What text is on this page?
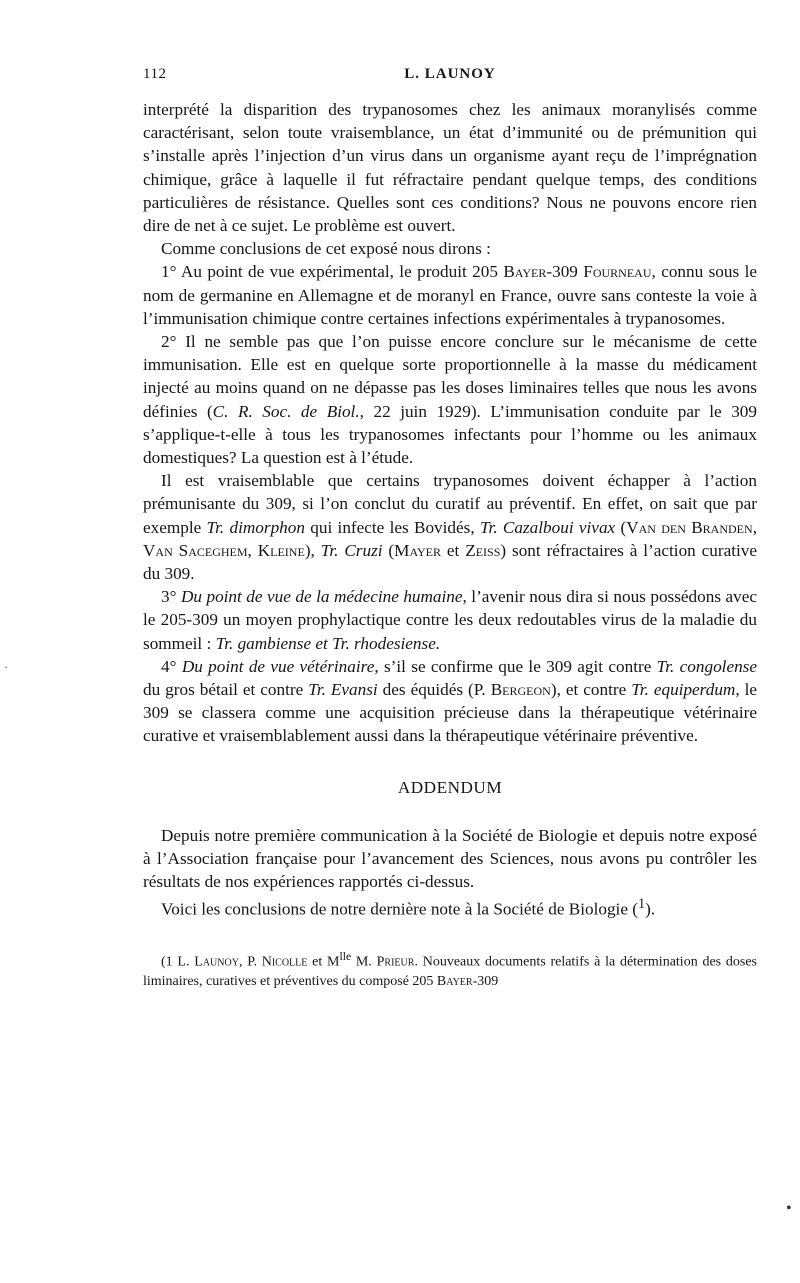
112	L. LAUNOY

interprété la disparition des trypanosomes chez les animaux moranylisés comme caractérisant, selon toute vraisemblance, un état d’immunité ou de prémunition qui s’installe après l’injection d’un virus dans un organisme ayant reçu de l’imprégnation chimique, grâce à laquelle il fut réfractaire pendant quelque temps, des conditions particulières de résistance. Quelles sont ces conditions? Nous ne pouvons encore rien dire de net à ce sujet. Le problème est ouvert.

Comme conclusions de cet exposé nous dirons :

1° Au point de vue expérimental, le produit 205 Bayer-309 Fourneau, connu sous le nom de germanine en Allemagne et de moranyl en France, ouvre sans conteste la voie à l’immunisation chimique contre certaines infections expérimentales à trypanosomes.

2° Il ne semble pas que l’on puisse encore conclure sur le mécanisme de cette immunisation. Elle est en quelque sorte proportionnelle à la masse du médicament injecté au moins quand on ne dépasse pas les doses liminaires telles que nous les avons définies (C. R. Soc. de Biol., 22 juin 1929). L’immunisation conduite par le 309 s’applique-t-elle à tous les trypanosomes infectants pour l’homme ou les animaux domestiques? La question est à l’étude.

Il est vraisemblable que certains trypanosomes doivent échapper à l’action prémunisante du 309, si l’on conclut du curatif au préventif. En effet, on sait que par exemple Tr. dimorphon qui infecte les Bovidés, Tr. Cazalboui vivax (Van den Branden, Van Saceghem, Kleine), Tr. Cruzi (Mayer et Zeiss) sont réfractaires à l’action curative du 309.

3° Du point de vue de la médecine humaine, l’avenir nous dira si nous possédons avec le 205-309 un moyen prophylactique contre les deux redoutables virus de la maladie du sommeil : Tr. gambiense et Tr. rhodesiense.

4° Du point de vue vétérinaire, s’il se confirme que le 309 agit contre Tr. congolense du gros bétail et contre Tr. Evansi des équidés (P. Bergeon), et contre Tr. equiperdum, le 309 se classera comme une acquisition précieuse dans la thérapeutique vétérinaire curative et vraisemblablement aussi dans la thérapeutique vétérinaire préventive.

ADDENDUM

Depuis notre première communication à la Société de Biologie et depuis notre exposé à l’Association française pour l’avancement des Sciences, nous avons pu contrôler les résultats de nos expériences rapportés ci-dessus.

Voici les conclusions de notre dernière note à la Société de Biologie ($^1$).

(1 L. Launoy, P. Nicolle et $M^{lle}$ M. Prieur. Nouveaux documents relatifs à la détermination des doses liminaires, curatives et préventives du composé 205 Bayer-309
·
•
